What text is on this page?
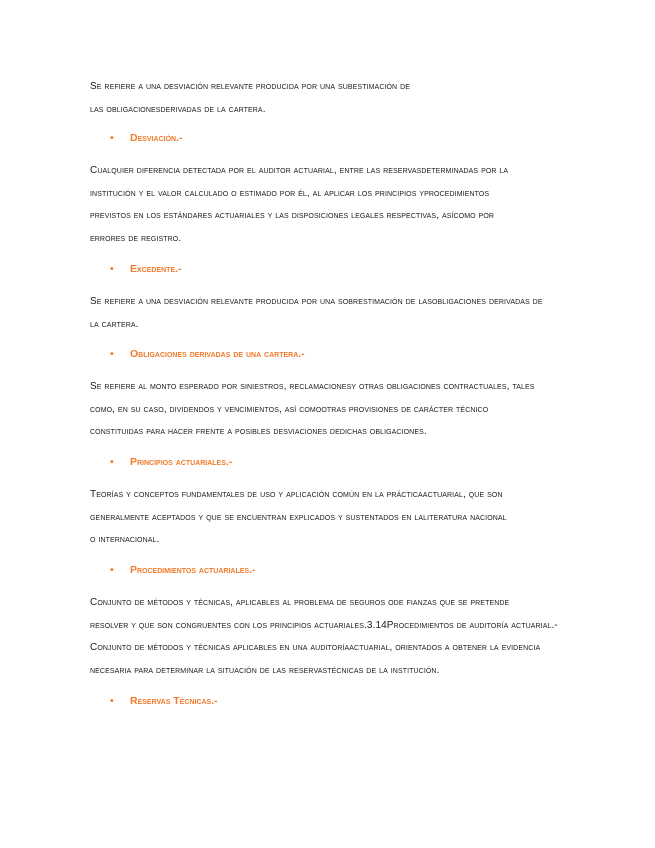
Se refiere a una desviación relevante producida por una subestimación de
las obligacionesderivadas de la cartera.
• Desviación.-
Cualquier diferencia detectada por el auditor actuarial, entre las reservasdeterminadas por la
institución y el valor calculado o estimado por él, al aplicar los principios yprocedimientos
previstos en los estándares actuariales y las disposiciones legales respectivas, asícomo por
errores de registro.
• Excedente.-
Se refiere a una desviación relevante producida por una sobrestimación de lasobligaciones derivadas de
la cartera.
• Obligaciones derivadas de una cartera.-
Se refiere al monto esperado por siniestros, reclamacionesy otras obligaciones contractuales, tales
como, en su caso, dividendos y vencimientos, así comootras provisiones de carácter técnico
constituidas para hacer frente a posibles desviaciones dedichas obligaciones.
• Principios actuariales.-
Teorías y conceptos fundamentales de uso y aplicación común en la prácticaactuarial, que son
generalmente aceptados y que se encuentran explicados y sustentados en laliteratura nacional
o internacional.
• Procedimientos actuariales.-
Conjunto de métodos y técnicas, aplicables al problema de seguros ode fianzas que se pretende
resolver y que son congruentes con los principios actuariales.3.14Procedimientos de auditoría actuarial.-
Conjunto de métodos y técnicas aplicables en una auditoríaactuarial, orientados a obtener la evidencia
necesaria para determinar la situación de las reservastécnicas de la institución.
• Reservas Técnicas.-
